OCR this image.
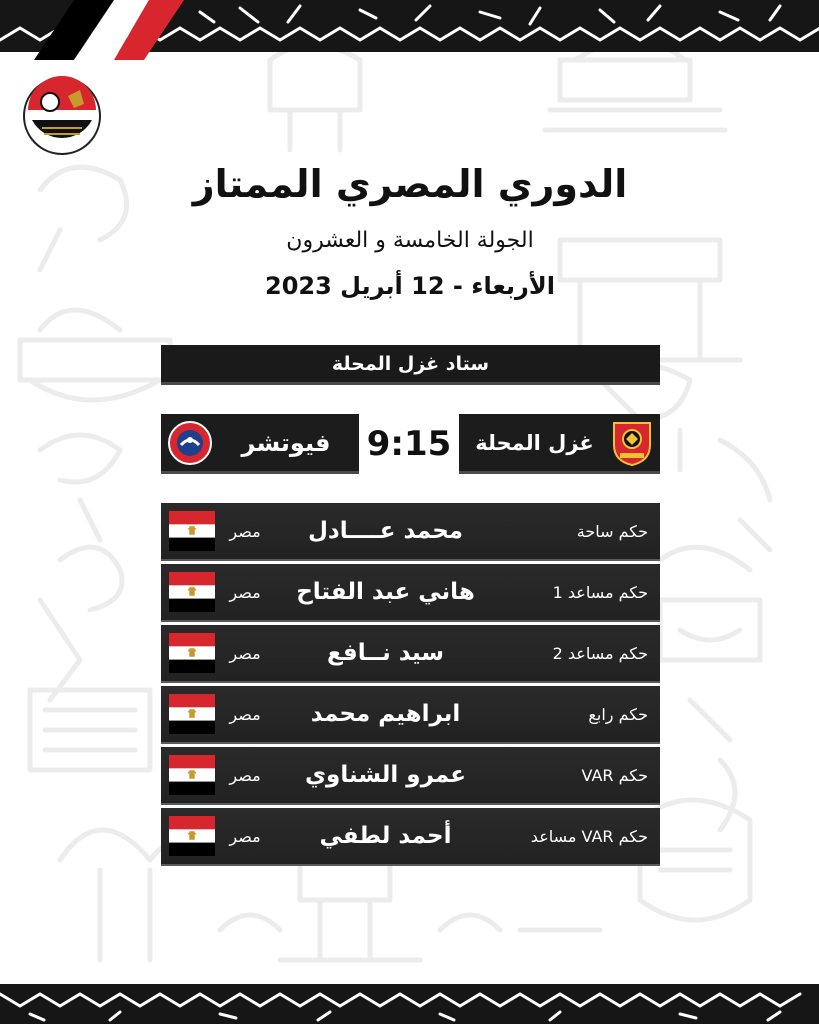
الدوري المصري الممتاز
الجولة الخامسة و العشرون
الأربعاء - 12 أبريل 2023
ستاد غزل المحلة
فيوتشر	9:15	غزل المحلة
مصر	محمد عــــادل	حكم ساحة
مصر	هاني عبد الفتاح	حكم مساعد 1
مصر	سيد نــافع	حكم مساعد 2
مصر	ابراهيم محمد	حكم رابع
مصر	عمرو الشناوي	حكم VAR
مصر	أحمد لطفي	حكم VAR مساعد
